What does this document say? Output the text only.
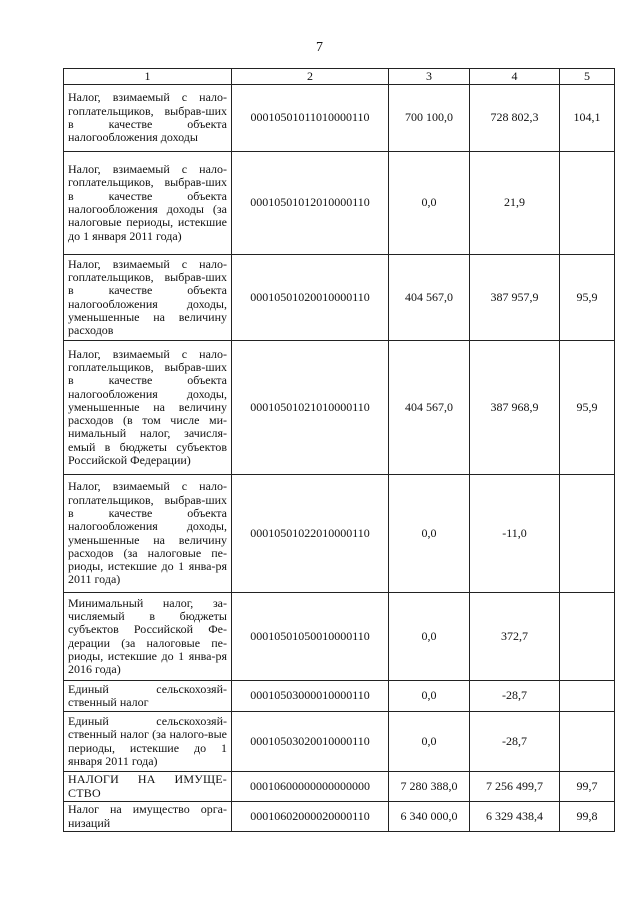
7
1	2	3	4	5
Налог, взимаемый с нало-гоплательщиков, выбрав-ших в качестве объекта налогообложения доходы	00010501011010000110	700 100,0	728 802,3	104,1
Налог, взимаемый с нало-гоплательщиков, выбрав-ших в качестве объекта налогообложения доходы (за налоговые периоды, истекшие до 1 января 2011 года)	00010501012010000110	0,0	21,9	
Налог, взимаемый с нало-гоплательщиков, выбрав-ших в качестве объекта налогообложения доходы, уменьшенные на величину расходов	00010501020010000110	404 567,0	387 957,9	95,9
Налог, взимаемый с нало-гоплательщиков, выбрав-ших в качестве объекта налогообложения доходы, уменьшенные на величину расходов (в том числе ми-нимальный налог, зачисля-емый в бюджеты субъектов Российской Федерации)	00010501021010000110	404 567,0	387 968,9	95,9
Налог, взимаемый с нало-гоплательщиков, выбрав-ших в качестве объекта налогообложения доходы, уменьшенные на величину расходов (за налоговые пе-риоды, истекшие до 1 янва-ря 2011 года)	00010501022010000110	0,0	-11,0	
Минимальный налог, за-числяемый в бюджеты субъектов Российской Фе-дерации (за налоговые пе-риоды, истекшие до 1 янва-ря 2016 года)	00010501050010000110	0,0	372,7	
Единый сельскохозяй-ственный налог	00010503000010000110	0,0	-28,7	
Единый сельскохозяй-ственный налог (за налого-вые периоды, истекшие до 1 января 2011 года)	00010503020010000110	0,0	-28,7	
НАЛОГИ НА ИМУЩЕ-СТВО	00010600000000000000	7 280 388,0	7 256 499,7	99,7
Налог на имущество орга-низаций	00010602000020000110	6 340 000,0	6 329 438,4	99,8
